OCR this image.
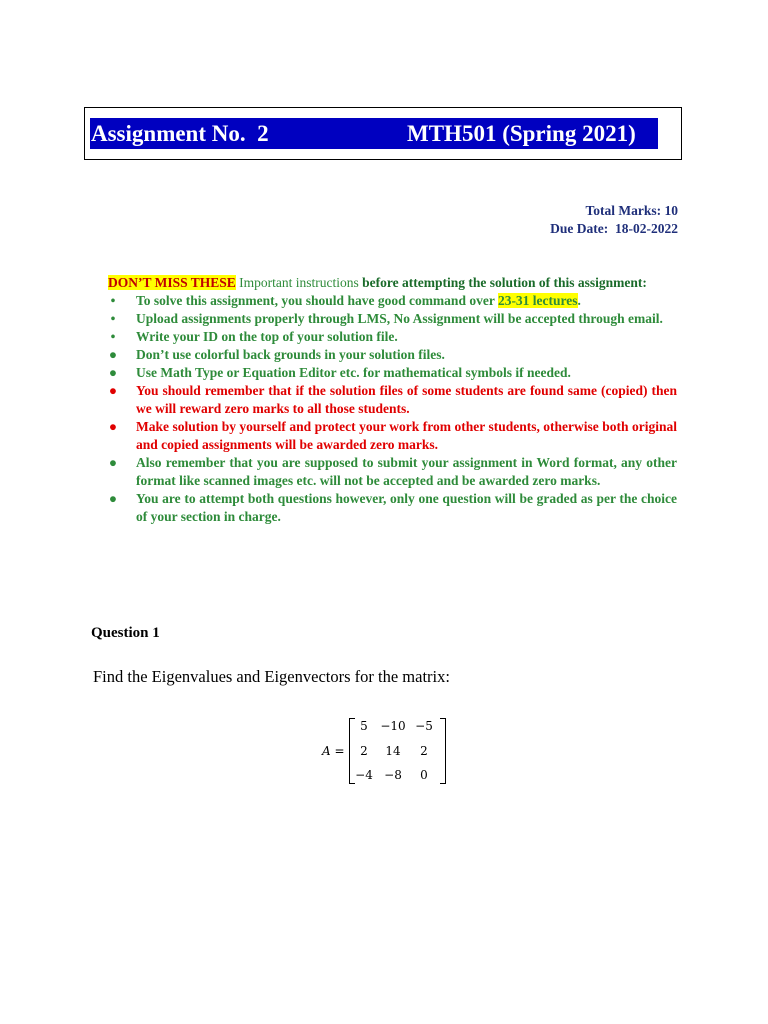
Assignment No.  2	MTH501 (Spring 2021)
Total Marks: 10
Due Date:  18-02-2022
DON’T MISS THESE Important instructions before attempting the solution of this assignment:
• To solve this assignment, you should have good command over 23-31 lectures.
• Upload assignments properly through LMS, No Assignment will be accepted through email.
• Write your ID on the top of your solution file.
● Don’t use colorful back grounds in your solution files.
● Use Math Type or Equation Editor etc. for mathematical symbols if needed.
● You should remember that if the solution files of some students are found same (copied) then we will reward zero marks to all those students.
● Make solution by yourself and protect your work from other students, otherwise both original and copied assignments will be awarded zero marks.
● Also remember that you are supposed to submit your assignment in Word format, any other format like scanned images etc. will not be accepted and be awarded zero marks.
● You are to attempt both questions however, only one question will be graded as per the choice of your section in charge.
Question 1
Find the Eigenvalues and Eigenvectors for the matrix:
A =
5	−10 −5
2	14	2
−4 −8	0
